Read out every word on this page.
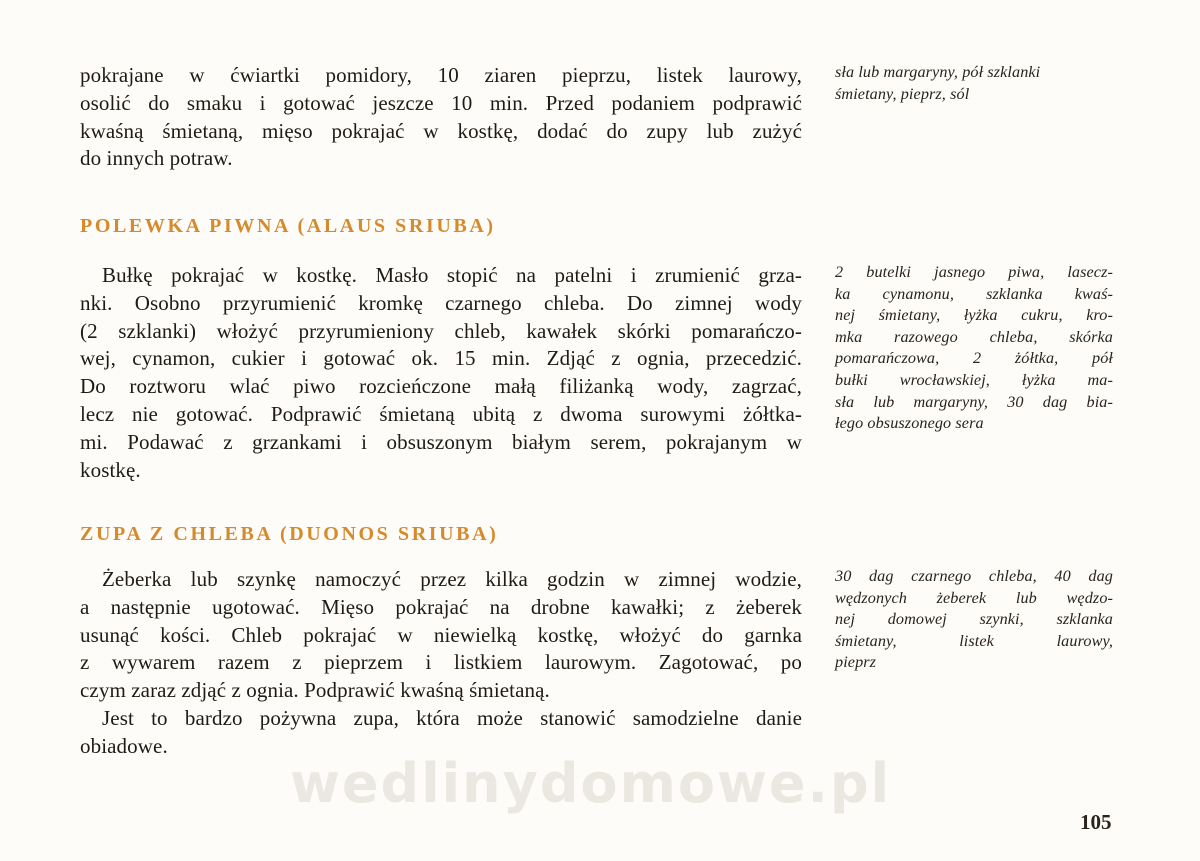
pokrajane w ćwiartki pomidory, 10 ziaren pieprzu, listek laurowy,
osolić do smaku i gotować jeszcze 10 min. Przed podaniem podprawić
kwaśną śmietaną, mięso pokrajać w kostkę, dodać do zupy lub zużyć
do innych potraw.
sła lub margaryny, pół szklanki
śmietany, pieprz, sól
POLEWKA PIWNA (ALAUS SRIUBA)
Bułkę pokrajać w kostkę. Masło stopić na patelni i zrumienić grza-
nki. Osobno przyrumienić kromkę czarnego chleba. Do zimnej wody
(2 szklanki) włożyć przyrumieniony chleb, kawałek skórki pomarańczo-
wej, cynamon, cukier i gotować ok. 15 min. Zdjąć z ognia, przecedzić.
Do roztworu wlać piwo rozcieńczone małą filiżanką wody, zagrzać,
lecz nie gotować. Podprawić śmietaną ubitą z dwoma surowymi żółtka-
mi. Podawać z grzankami i obsuszonym białym serem, pokrajanym w
kostkę.
2 butelki jasnego piwa, lasecz-
ka cynamonu, szklanka kwaś-
nej śmietany, łyżka cukru, kro-
mka razowego chleba, skórka
pomarańczowa, 2 żółtka, pół
bułki wrocławskiej, łyżka ma-
sła lub margaryny, 30 dag bia-
łego obsuszonego sera
ZUPA Z CHLEBA (DUONOS SRIUBA)
Żeberka lub szynkę namoczyć przez kilka godzin w zimnej wodzie,
a następnie ugotować. Mięso pokrajać na drobne kawałki; z żeberek
usunąć kości. Chleb pokrajać w niewielką kostkę, włożyć do garnka
z wywarem razem z pieprzem i listkiem laurowym. Zagotować, po
czym zaraz zdjąć z ognia. Podprawić kwaśną śmietaną.
Jest to bardzo pożywna zupa, która może stanowić samodzielne danie
obiadowe.
30 dag czarnego chleba, 40 dag
wędzonych żeberek lub wędzo-
nej domowej szynki, szklanka
śmietany, listek laurowy,
pieprz
wedlinydomowe.pl
105
